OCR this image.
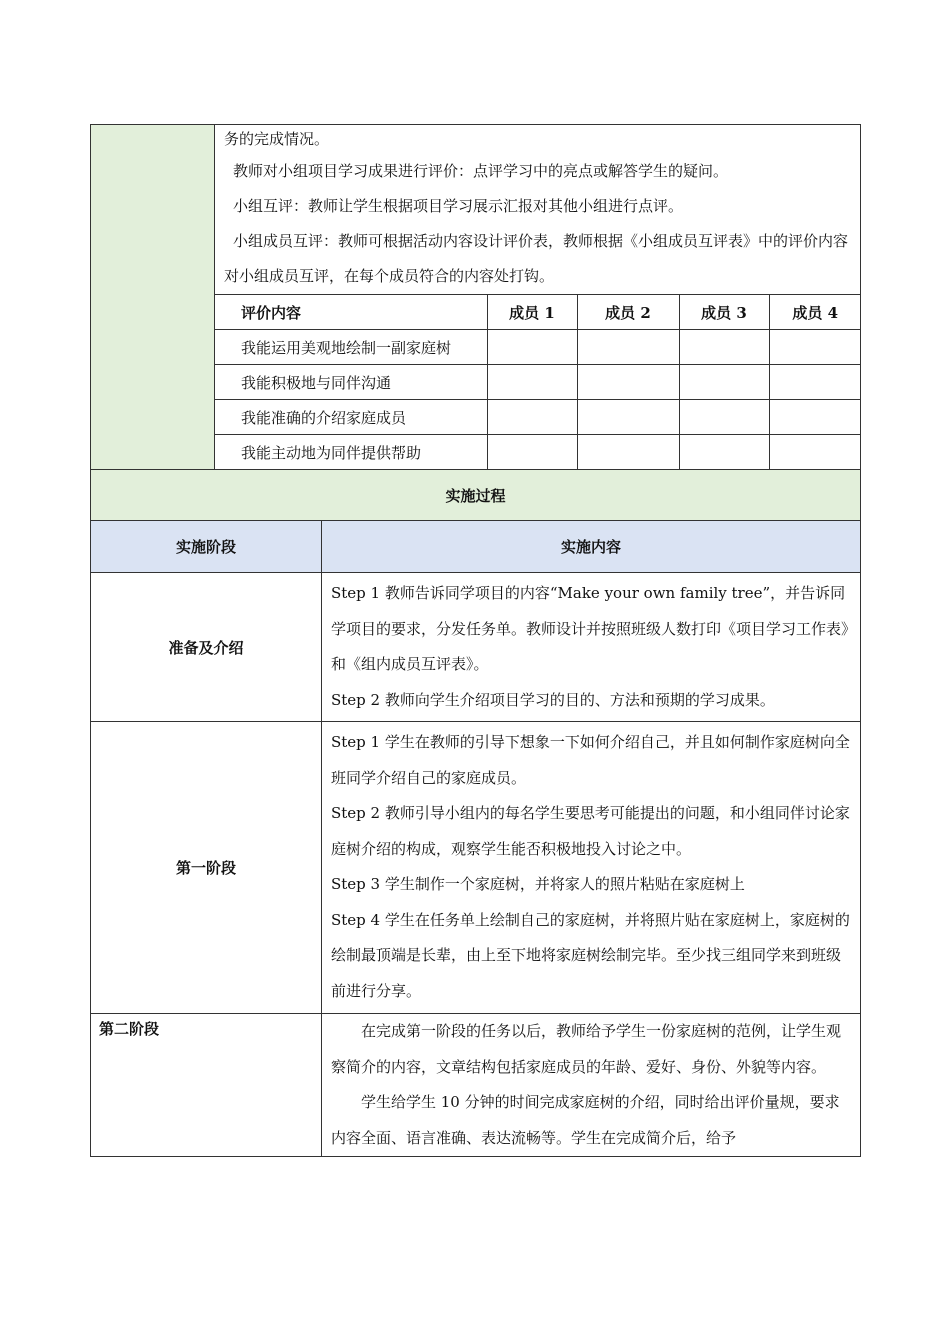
务的完成情况。

教师对小组项目学习成果进行评价：点评学习中的亮点或解答学生的疑问。

小组互评：教师让学生根据项目学习展示汇报对其他小组进行点评。

小组成员互评：教师可根据活动内容设计评价表，教师根据《小组成员互评表》中的评价内容对小组成员互评，在每个成员符合的内容处打钩。

评价内容	成员 1	成员 2	成员 3	成员 4
我能运用美观地绘制一副家庭树				
我能积极地与同伴沟通				
我能准确的介绍家庭成员				
我能主动地为同伴提供帮助				
实施过程	
实施阶段	实施内容
准备及介绍	Step 1 教师告诉同学项目的内容“Make your own family tree”，并告诉同学项目的要求，分发任务单。教师设计并按照班级人数打印《项目学习工作表》和《组内成员互评表》。

Step 2 教师向学生介绍项目学习的目的、方法和预期的学习成果。

第一阶段	Step 1 学生在教师的引导下想象一下如何介绍自己，并且如何制作家庭树向全班同学介绍自己的家庭成员。

Step 2 教师引导小组内的每名学生要思考可能提出的问题，和小组同伴讨论家庭树介绍的构成，观察学生能否积极地投入讨论之中。

Step 3 学生制作一个家庭树，并将家人的照片粘贴在家庭树上

Step 4 学生在任务单上绘制自己的家庭树，并将照片贴在家庭树上，家庭树的绘制最顶端是长辈，由上至下地将家庭树绘制完毕。至少找三组同学来到班级前进行分享。

第二阶段	在完成第一阶段的任务以后，教师给予学生一份家庭树的范例，让学生观察简介的内容，文章结构包括家庭成员的年龄、爱好、身份、外貌等内容。

学生给学生 10 分钟的时间完成家庭树的介绍，同时给出评价量规，要求内容全面、语言准确、表达流畅等。学生在完成简介后，给予
